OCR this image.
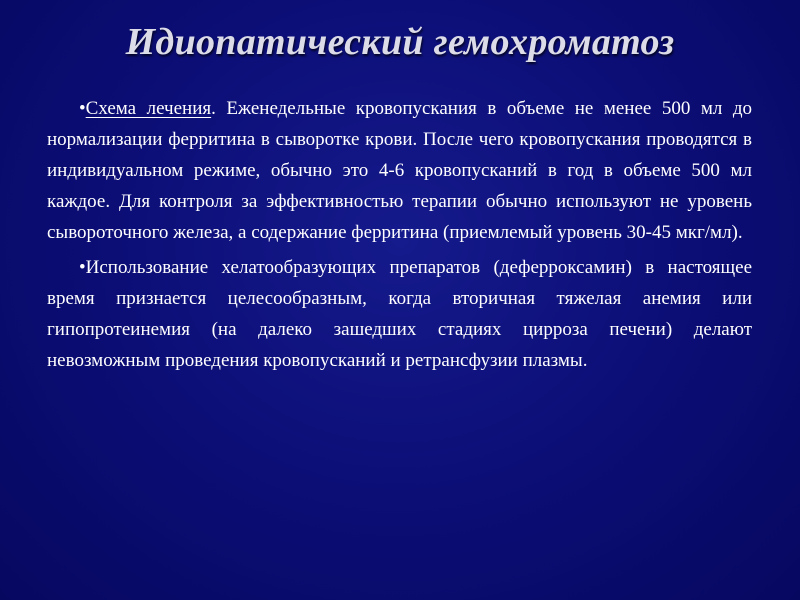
Идиопатический гемохроматоз

•Схема лечения. Еженедельные кровопускания в объеме не менее 500 мл до нормализации ферритина в сыворотке крови. После чего кровопускания проводятся в индивидуальном режиме, обычно это 4-6 кровопусканий в год в объеме 500 мл каждое. Для контроля за эффективностью терапии обычно используют не уровень сывороточного железа, а содержание ферритина (приемлемый уровень 30-45 мкг/мл).

•Использование хелатообразующих препаратов (деферроксамин) в настоящее время признается целесообразным, когда вторичная тяжелая анемия или гипопротеинемия (на далеко зашедших стадиях цирроза печени) делают невозможным проведения кровопусканий и ретрансфузии плазмы.
